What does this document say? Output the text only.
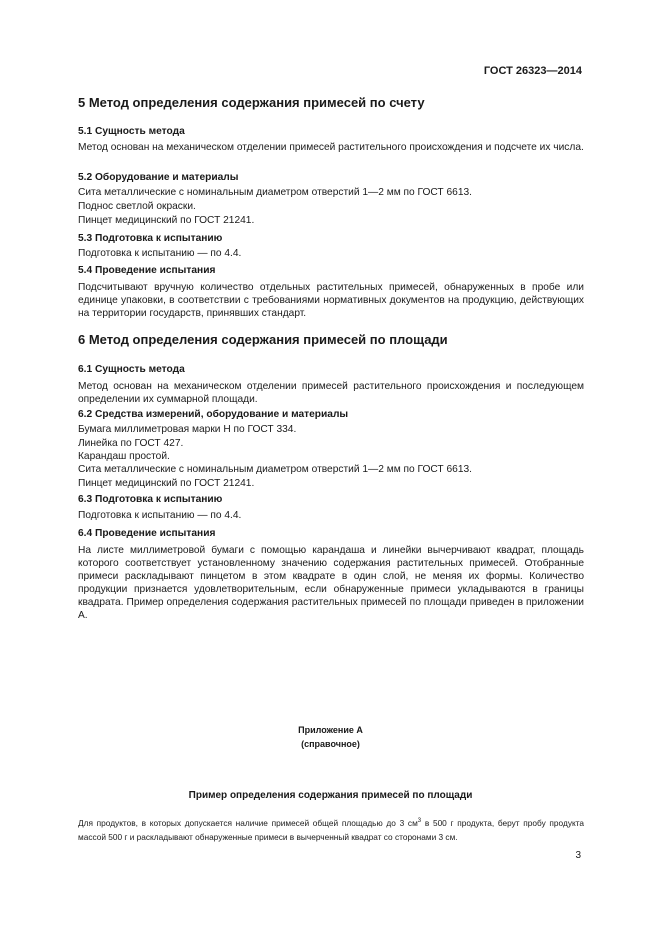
ГОСТ 26323—2014
5 Метод определения содержания примесей по счету
5.1 Сущность метода

Метод основан на механическом отделении примесей растительного происхождения и подсчете их числа.

5.2 Оборудование и материалы
Сита металлические с номинальным диаметром отверстий 1—2 мм по ГОСТ 6613.
Поднос светлой окраски.
Пинцет медицинский по ГОСТ 21241.
5.3 Подготовка к испытанию
Подготовка к испытанию — по 4.4.
5.4 Проведение испытания

Подсчитывают вручную количество отдельных растительных примесей, обнаруженных в пробе или единице упаковки, в соответствии с требованиями нормативных документов на продукцию, действующих на территории государств, принявших стандарт.

6 Метод определения содержания примесей по площади
6.1 Сущность метода

Метод основан на механическом отделении примесей растительного происхождения и последующем определении их суммарной площади.

6.2 Средства измерений, оборудование и материалы
Бумага миллиметровая марки Н по ГОСТ 334.
Линейка по ГОСТ 427.
Карандаш простой.
Сита металлические с номинальным диаметром отверстий 1—2 мм по ГОСТ 6613.
Пинцет медицинский по ГОСТ 21241.
6.3 Подготовка к испытанию
Подготовка к испытанию — по 4.4.
6.4 Проведение испытания

На листе миллиметровой бумаги с помощью карандаша и линейки вычерчивают квадрат, площадь которого соответствует установленному значению содержания растительных примесей. Отобранные примеси раскладывают пинцетом в этом квадрате в один слой, не меняя их формы. Количество продукции признается удовлетворительным, если обнаруженные примеси укладываются в границы квадрата. Пример определения содержания растительных примесей по площади приведен в приложении А.

Приложение А
(справочное)
Пример определения содержания примесей по площади

Для продуктов, в которых допускается наличие примесей общей площадью до 3 $см^3$ в 500 г продукта, берут пробу продукта массой 500 г и раскладывают обнаруженные примеси в вычерченный квадрат со сторонами 3 см.

3
